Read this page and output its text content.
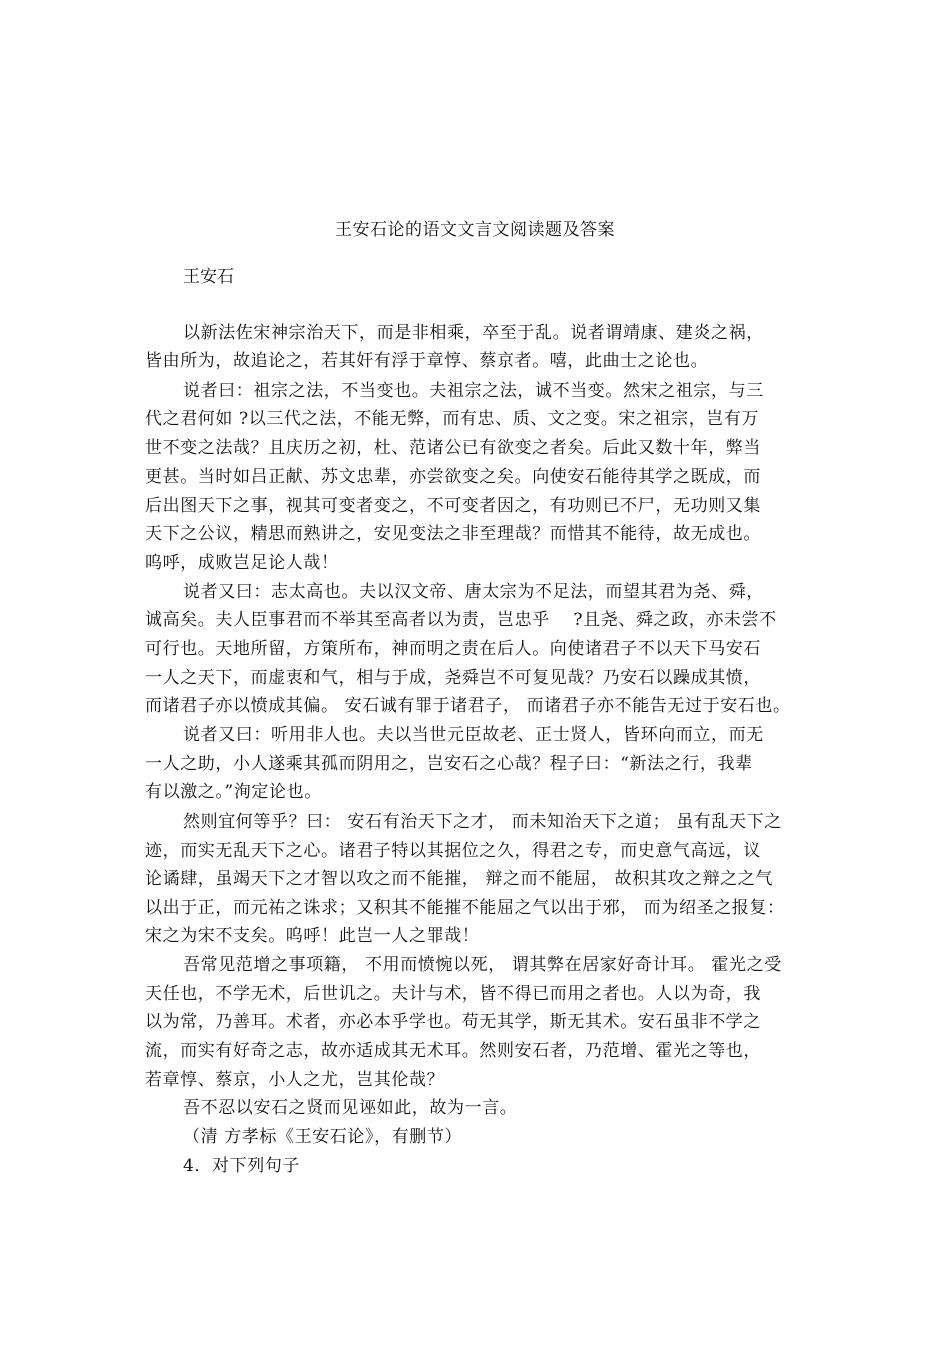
王安石论的语文文言文阅读题及答案
王安石
以新法佐宋神宗治天下，而是非相乘，卒至于乱。说者谓靖康、建炎之祸，
皆由所为，故追论之，若其奸有浮于章惇、蔡京者。嘻，此曲士之论也。
说者曰：祖宗之法，不当变也。夫祖宗之法，诚不当变。然宋之祖宗，与三
代之君何如 ?以三代之法，不能无弊，而有忠、质、文之变。宋之祖宗，岂有万
世不变之法哉？且庆历之初，杜、范诸公已有欲变之者矣。后此又数十年，弊当
更甚。当时如吕正献、苏文忠辈，亦尝欲变之矣。向使安石能待其学之既成，而
后出图天下之事，视其可变者变之，不可变者因之，有功则已不尸，无功则又集
天下之公议，精思而熟讲之，安见变法之非至理哉？而惜其不能待，故无成也。
呜呼，成败岂足论人哉！
说者又曰：志太高也。夫以汉文帝、唐太宗为不足法，而望其君为尧、舜，
诚高矣。夫人臣事君而不举其至高者以为责，岂忠乎　 ?且尧、舜之政，亦未尝不
可行也。天地所留，方策所布，神而明之责在后人。向使诸君子不以天下马安石
一人之天下，而虚衷和气，相与于成，尧舜岂不可复见哉？乃安石以躁成其愤，
而诸君子亦以愤成其偏。 安石诚有罪于诸君子， 而诸君子亦不能告无过于安石也。
说者又曰：听用非人也。夫以当世元臣故老、正士贤人，皆环向而立，而无
一人之助，小人遂乘其孤而阴用之，岂安石之心哉？程子曰：“新法之行，我辈
有以激之。”洵定论也。
然则宜何等乎？曰： 安石有治天下之才， 而未知治天下之道； 虽有乱天下之
迹，而实无乱天下之心。诸君子特以其据位之久，得君之专，而史意气高远，议
论谲肆，虽竭天下之才智以攻之而不能摧， 辩之而不能屈， 故积其攻之辩之之气
以出于正，而元祐之诛求；又积其不能摧不能屈之气以出于邪， 而为绍圣之报复：
宋之为宋不支矣。呜呼！此岂一人之罪哉！
吾常见范增之事项籍， 不用而愤惋以死， 谓其弊在居家好奇计耳。 霍光之受
天任也，不学无术，后世讥之。夫计与术，皆不得已而用之者也。人以为奇，我
以为常，乃善耳。术者，亦必本乎学也。苟无其学，斯无其术。安石虽非不学之
流，而实有好奇之志，故亦适成其无术耳。然则安石者，乃范增、霍光之等也，
若章惇、蔡京，小人之尤，岂其伦哉？
吾不忍以安石之贤而见诬如此，故为一言。
（清 方孝标《王安石论》，有删节）
4．对下列句子
